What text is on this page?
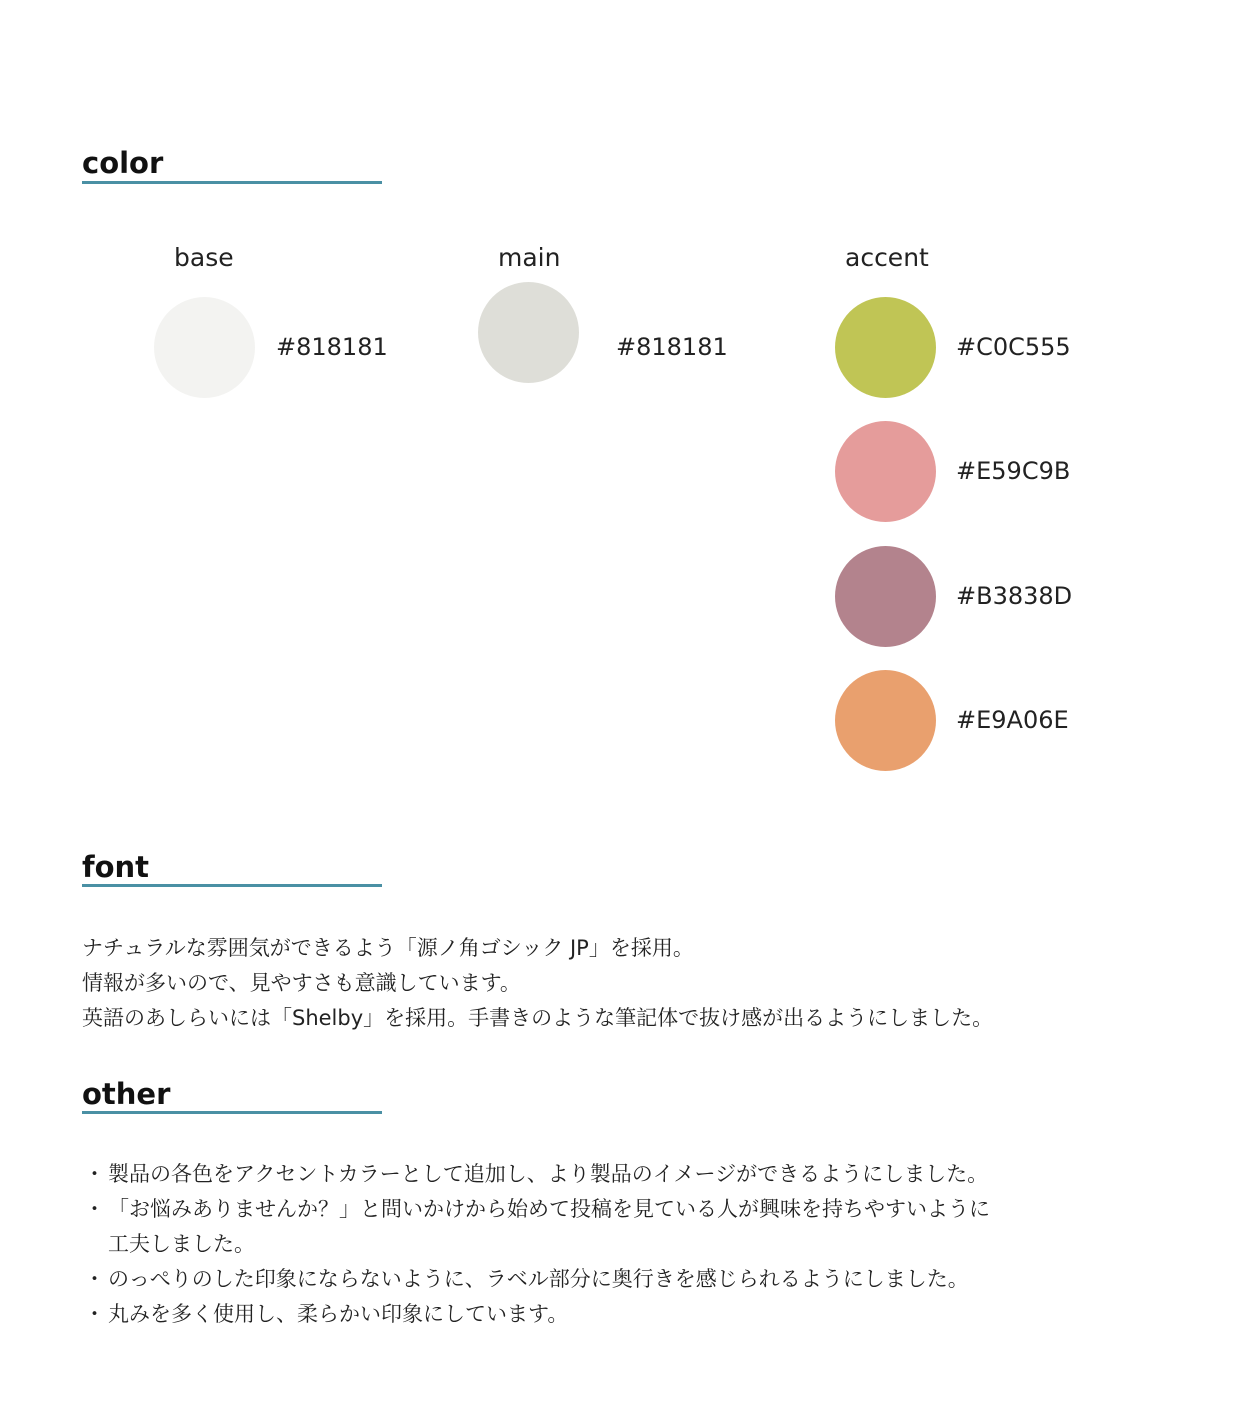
color
base
#818181
main
#818181
accent
#C0C555
#E59C9B
#B3838D
#E9A06E
font
ナチュラルな雰囲気ができるよう「源ノ角ゴシック JP」を採用。
情報が多いので、見やすさも意識しています。
英語のあしらいには「Shelby」を採用。手書きのような筆記体で抜け感が出るようにしました。
other
・ 製品の各色をアクセントカラーとして追加し、より製品のイメージができるようにしました。
・ 「お悩みありませんか？」と問いかけから始めて投稿を見ている人が興味を持ちやすいように
工夫しました。
・ のっぺりのした印象にならないように、ラベル部分に奥行きを感じられるようにしました。
・ 丸みを多く使用し、柔らかい印象にしています。
